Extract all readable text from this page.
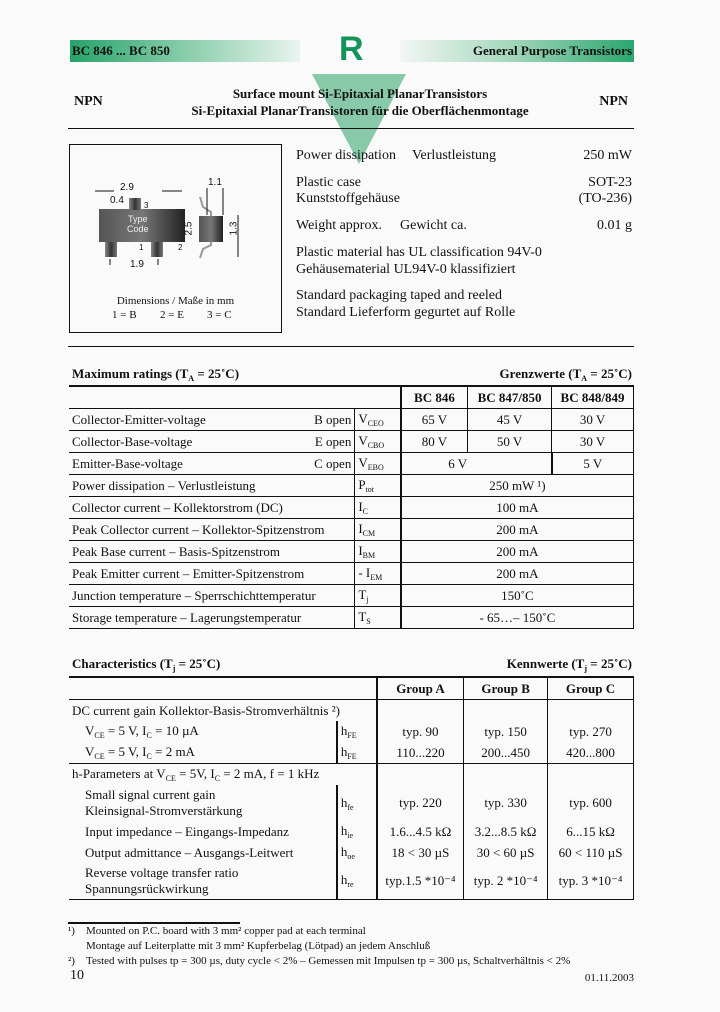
BC 846 ... BC 850	General Purpose Transistors
R
NPN	NPN
Surface mount Si-Epitaxial PlanarTransistors
Si-Epitaxial PlanarTransistoren für die Oberflächenmontage
2.9
0.4	3
1	2
Type
Code
1.9
1.1
2.5	1.3
Dimensions / Maße in mm
1 = B 2 = E 3 = C
Power dissipation Verlustleistung	250 mW
Plastic case
Kunststoffgehäuse
SOT-23
(TO-236)
Weight approx. Gewicht ca.	0.01 g
Plastic material has UL classification 94V-0
Gehäusematerial UL94V-0 klassifiziert
Standard packaging taped and reeled
Standard Lieferform gegurtet auf Rolle
Maximum ratings ($T_A$ = 25˚C)	Grenzwerte ($T_A$ = 25˚C)
			BC 846	BC 847/850	BC 848/849
Collector-Emitter-voltage	B open	$V_{CEO}$	65 V	45 V	30 V
Collector-Base-voltage	E open	$V_{CBO}$	80 V	50 V	30 V
Emitter-Base-voltage	C open	$V_{EBO}$	6 V		5 V
Power dissipation – Verlustleistung		$P_{tot}$	250 mW ¹)		
Collector current – Kollektorstrom (DC)		$I_C$	100 mA		
Peak Collector current – Kollektor-Spitzenstrom		$I_{CM}$	200 mA		
Peak Base current – Basis-Spitzenstrom		$I_{BM}$	200 mA		
Peak Emitter current – Emitter-Spitzenstrom		- $I_{EM}$	200 mA		
Junction temperature – Sperrschichttemperatur		$T_j$	150˚C		
Storage temperature – Lagerungstemperatur		$T_S$	- 65…– 150˚C		
Characteristics ($T_j$ = 25˚C)	Kennwerte ($T_j$ = 25˚C)
		Group A	Group B	Group C
DC current gain Kollektor-Basis-Stromverhältnis ²)				
$V_{CE} = 5$ V, $I_C = 10$ µA	$h_{FE}$	typ. 90	typ. 150	typ. 270
$V_{CE} = 5$ V, $I_C = 2$ mA	$h_{FE}$	110...220	200...450	420...800
h-Parameters at $V_{CE} = 5V$, $I_C = 2$ mA, f = 1 kHz				

Small signal current gain
Kleinsignal-Stromverstärkung	$h_{fe}$	typ. 220	typ. 330	typ. 600
Input impedance – Eingangs-Impedanz	$h_{ie}$	1.6...4.5 kΩ	3.2...8.5 kΩ	6...15 kΩ
Output admittance – Ausgangs-Leitwert	$h_{oe}$	18 < 30 µS	30 < 60 µS	60 < 110 µS

Reverse voltage transfer ratio
Spannungsrückwirkung	$h_{re}$	typ.1.5 *10⁻⁴	typ. 2 *10⁻⁴	typ. 3 *10⁻⁴
¹) Mounted on P.C. board with 3 mm² copper pad at each terminal
Montage auf Leiterplatte mit 3 mm² Kupferbelag (Lötpad) an jedem Anschluß
²) Tested with pulses tp = 300 µs, duty cycle < 2% – Gemessen mit Impulsen tp = 300 µs, Schaltverhältnis < 2%
10	01.11.2003
